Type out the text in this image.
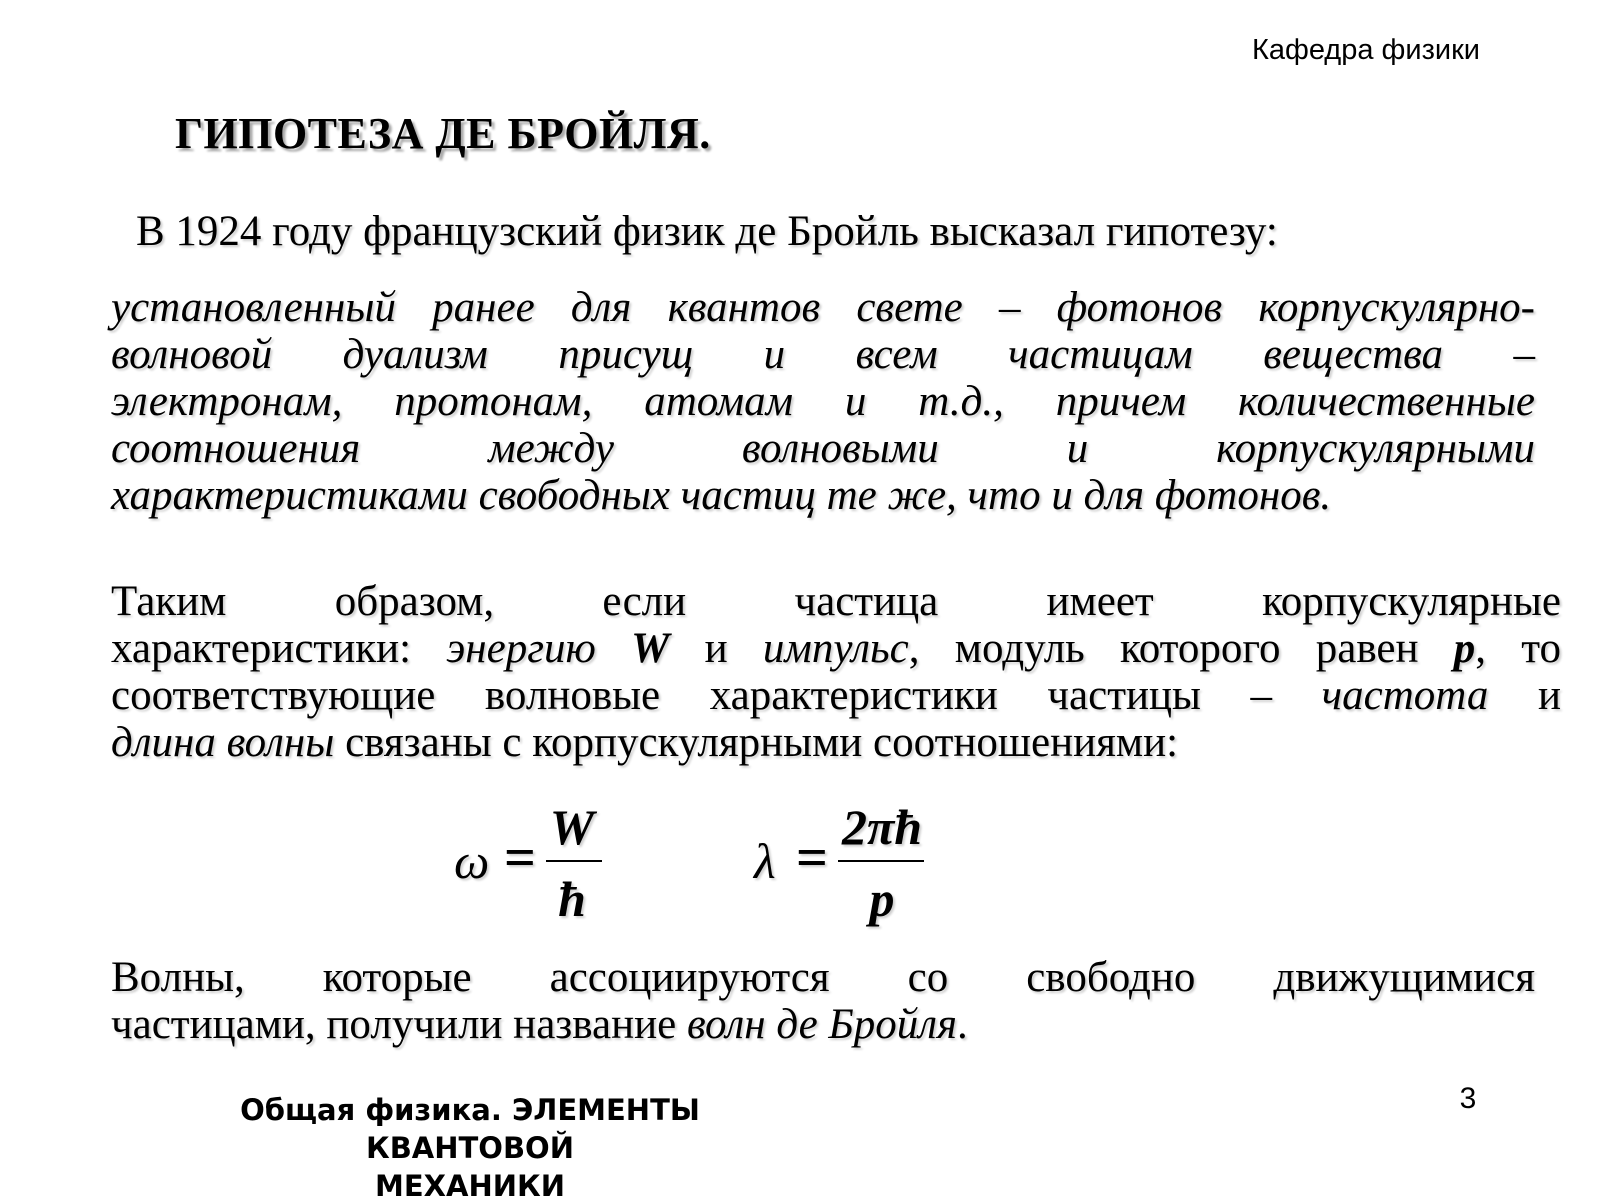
Кафедра физики
ГИПОТЕЗА ДЕ БРОЙЛЯ.
В 1924 году французский физик де Бройль высказал гипотезу:
установленный ранее для квантов свете – фотонов корпускулярно-
волновой дуализм присущ и всем частицам вещества –
электронам, протонам, атомам и т.д., причем количественные
соотношения между волновыми и корпускулярными
характеристиками свободных частиц те же, что и для фотонов.
Таким образом, если частица имеет корпускулярные
характеристики: энергию W и импульс, модуль которого равен p, то
соответствующие волновые характеристики частицы – частота и
длина волны связаны с корпускулярными соотношениями:
ω = W
ħ
λ = 2πħ
p
Волны, которые ассоциируются со свободно движущимися
частицами, получили название волн де Бройля.
Общая физика. ЭЛЕМЕНТЫ КВАНТОВОЙ
МЕХАНИКИ
3
